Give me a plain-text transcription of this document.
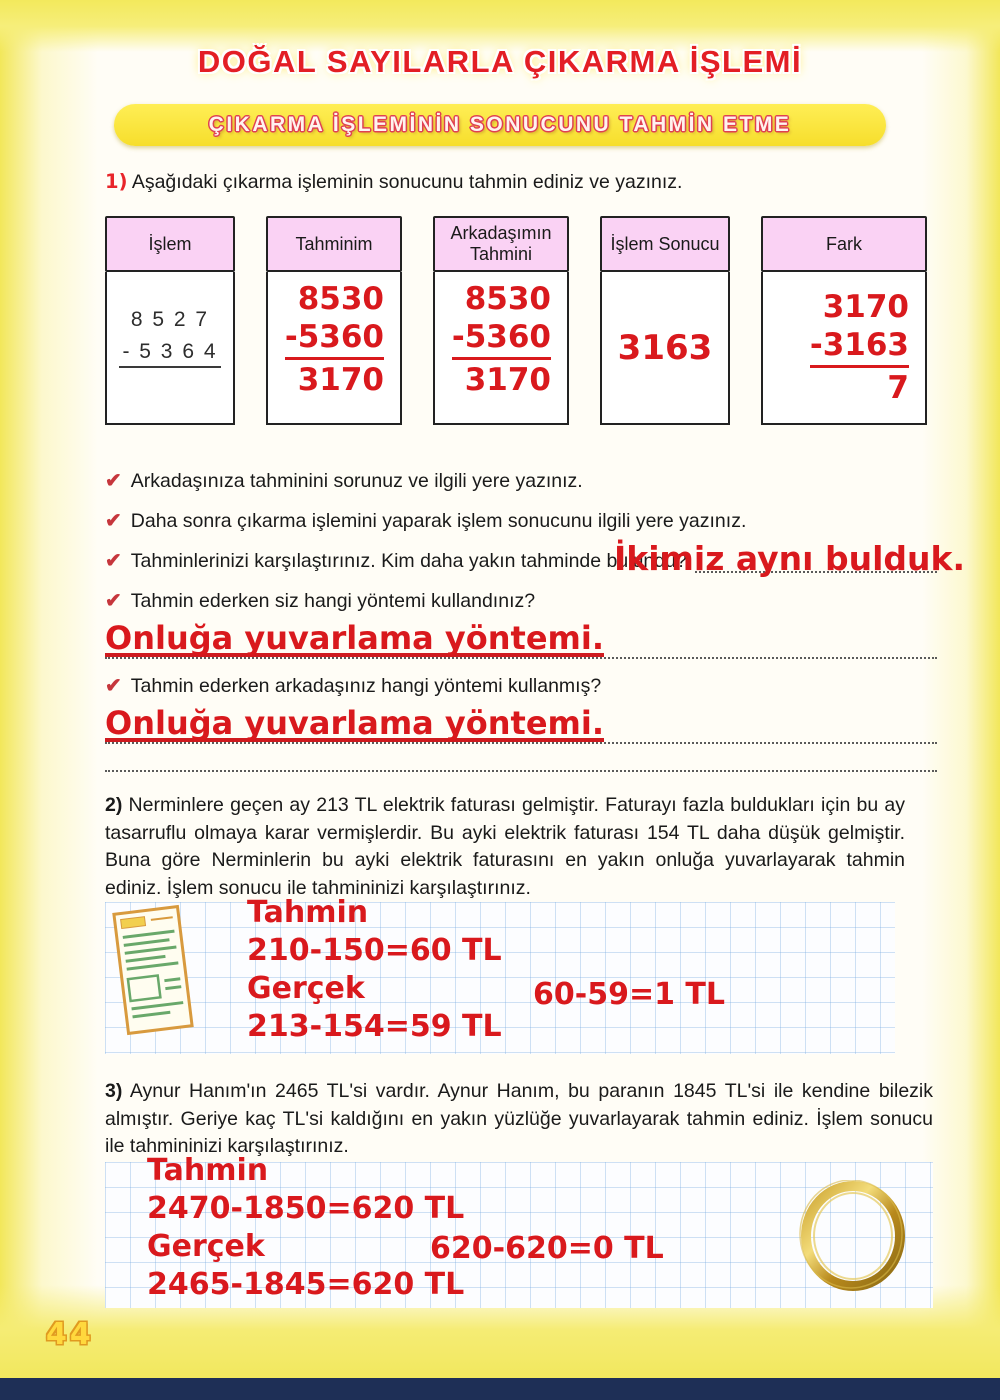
DOĞAL SAYILARLA ÇIKARMA İŞLEMİ
ÇIKARMA İŞLEMİNİN SONUCUNU TAHMİN ETME
1) Aşağıdaki çıkarma işleminin sonucunu tahmin ediniz ve yazınız.
İşlem
8 5 2 7
- 5 3 6 4
Tahminim
8530
-5360
3170
Arkadaşımın Tahmini
8530
-5360
3170
İşlem Sonucu
3163
Fark
3170
-3163
7
✔ Arkadaşınıza tahminini sorunuz ve ilgili yere yazınız.
✔ Daha sonra çıkarma işlemini yaparak işlem sonucunu ilgili yere yazınız.
✔ Tahminlerinizi karşılaştırınız. Kim daha yakın tahminde bulundu?
İkimiz aynı bulduk.
✔ Tahmin ederken siz hangi yöntemi kullandınız?
Onluğa yuvarlama yöntemi.
✔ Tahmin ederken arkadaşınız hangi yöntemi kullanmış?
Onluğa yuvarlama yöntemi.
2) Nerminlere geçen ay 213 TL elektrik faturası gelmiştir. Faturayı fazla buldukları için bu ay tasarruflu olmaya karar vermişlerdir. Bu ayki elektrik faturası 154 TL daha düşük gelmiştir. Buna göre Nerminlerin bu ayki elektrik faturasını en yakın onluğa yuvarlayarak tahmin ediniz. İşlem sonucu ile tahmininizi karşılaştırınız.
Tahmin
210-150=60 TL
Gerçek
213-154=59 TL
60-59=1 TL
3) Aynur Hanım'ın 2465 TL'si vardır. Aynur Hanım, bu paranın 1845 TL'si ile kendine bilezik almıştır. Geriye kaç TL'si kaldığını en yakın yüzlüğe yuvarlayarak tahmin ediniz. İşlem sonucu ile tahmininizi karşılaştırınız.
Tahmin
2470-1850=620 TL
Gerçek
2465-1845=620 TL
620-620=0 TL
44
